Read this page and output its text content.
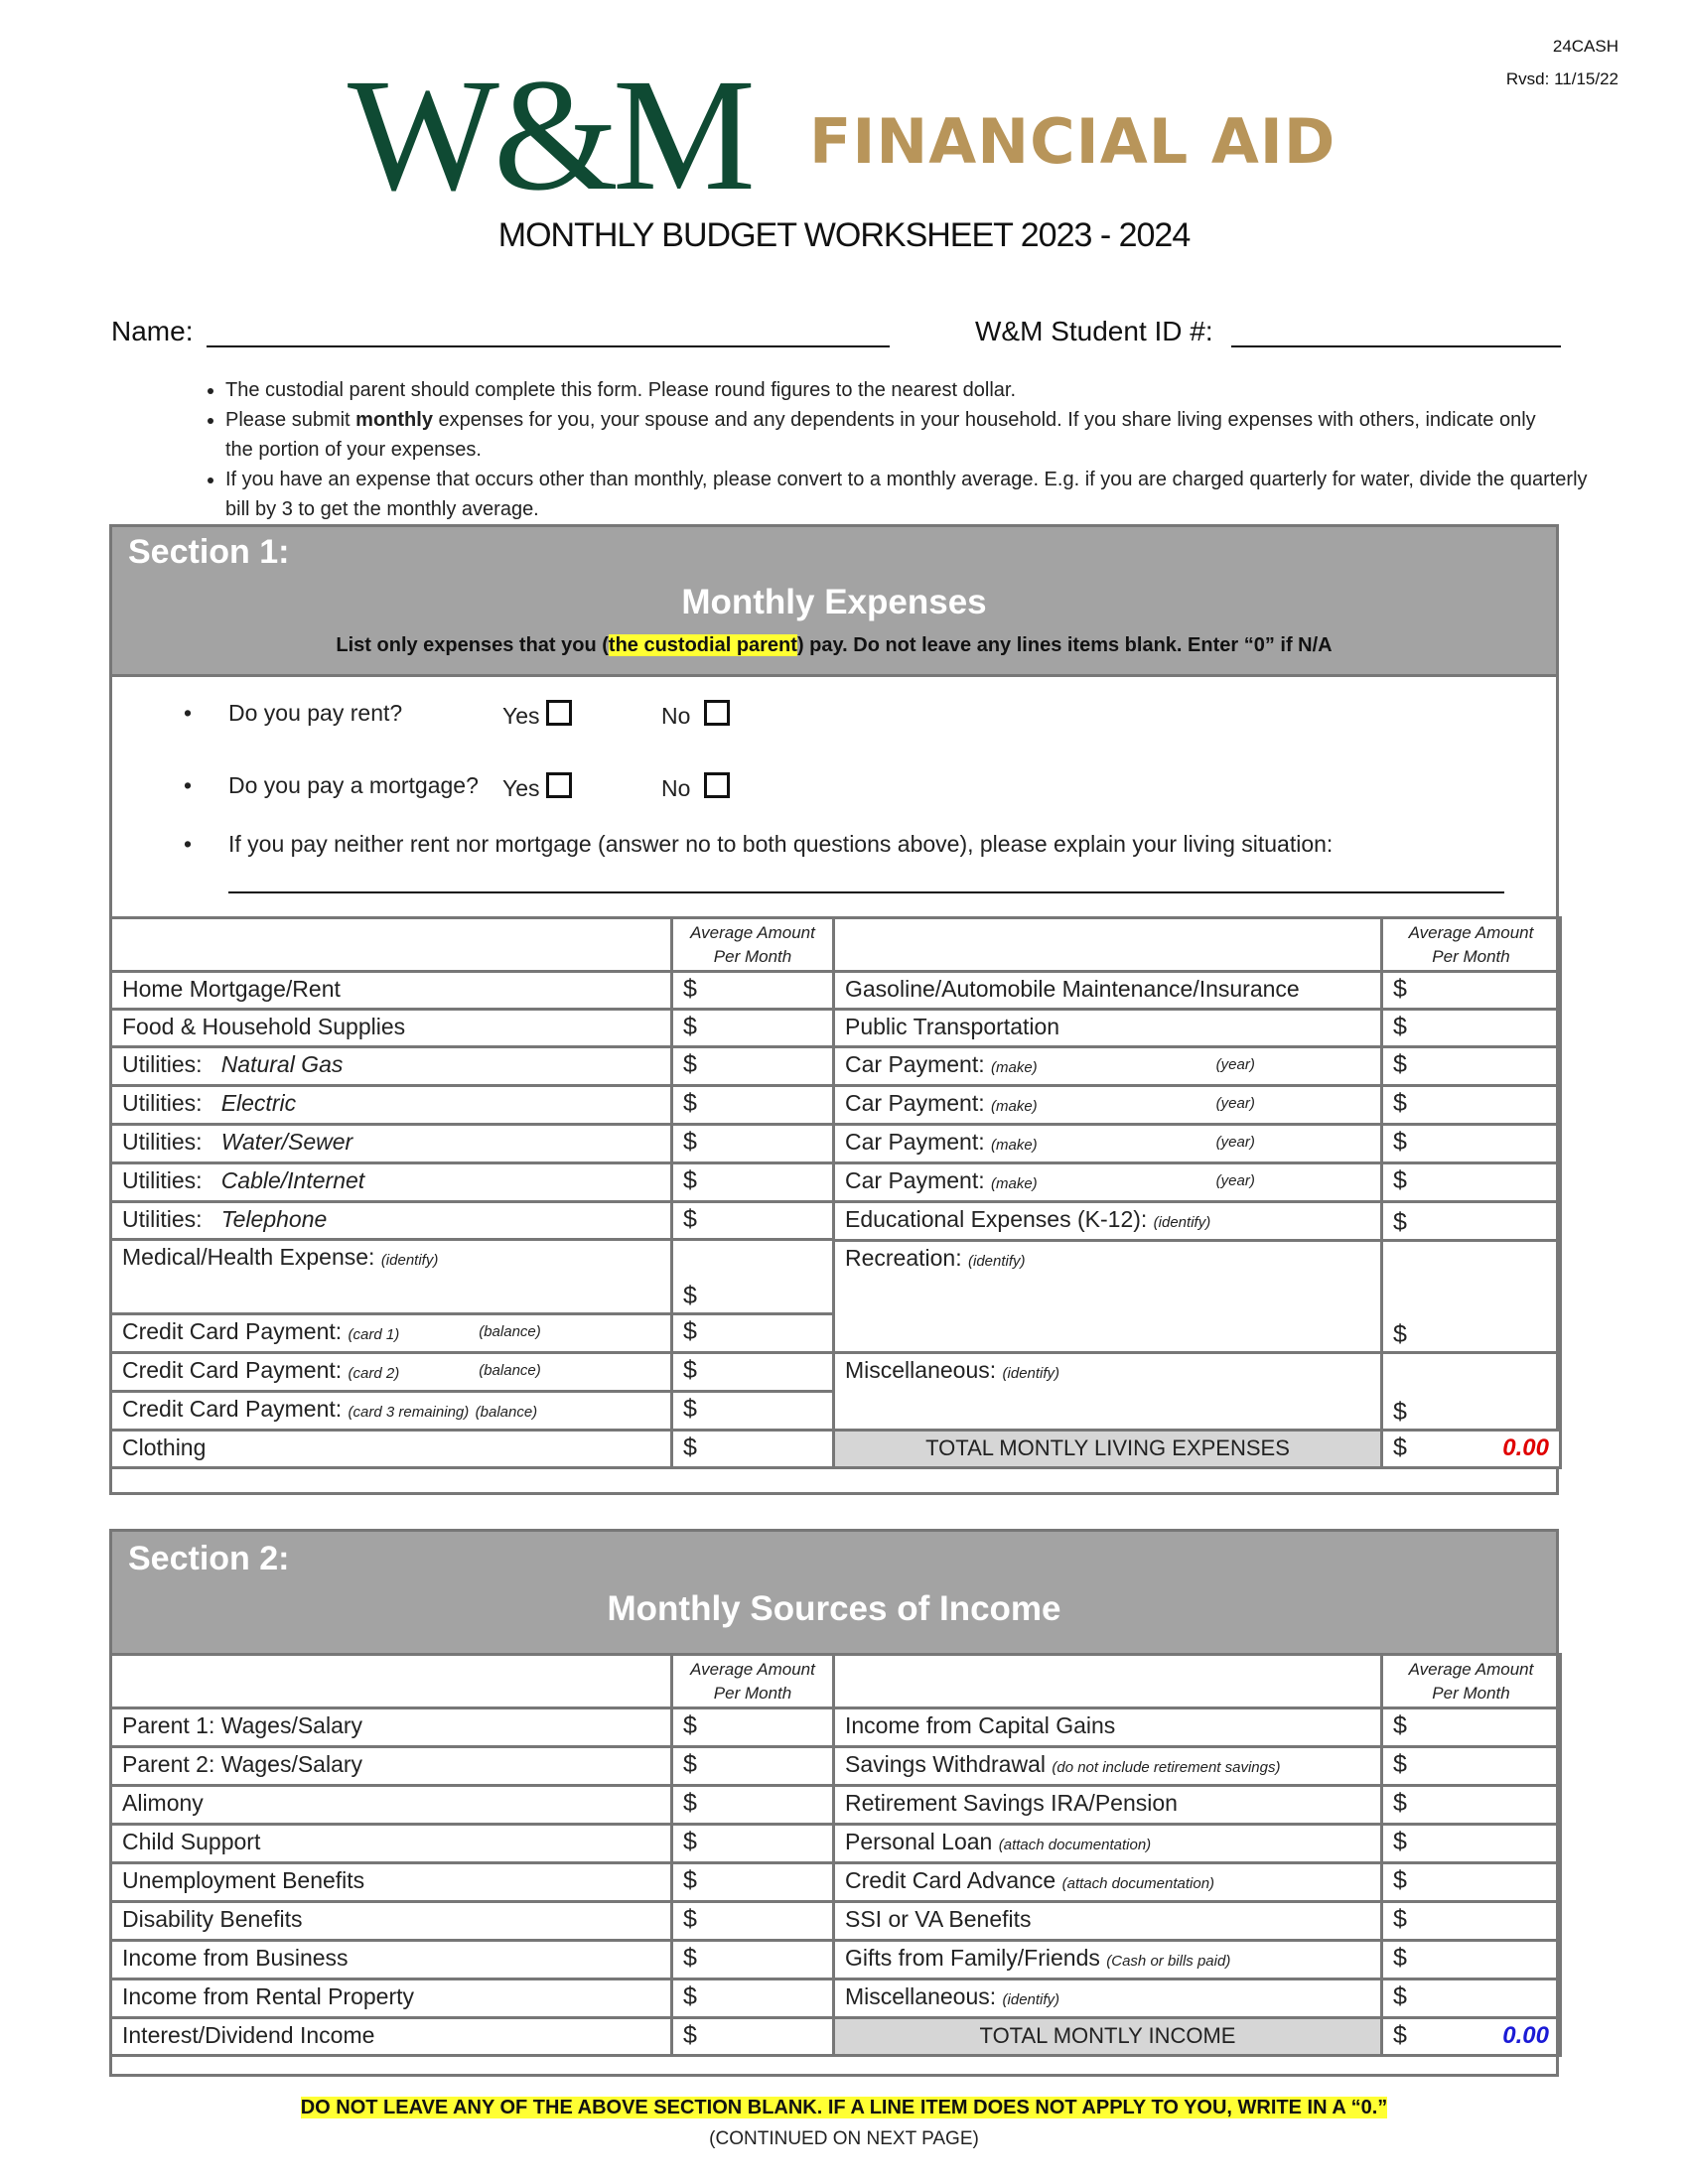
24CASH
Rvsd: 11/15/22
W&M FINANCIAL AID
MONTHLY BUDGET WORKSHEET 2023 - 2024
Name:	W&M Student ID #:
• The custodial parent should complete this form. Please round figures to the nearest dollar.
• Please submit monthly expenses for you, your spouse and any dependents in your household. If you share living expenses with others, indicate only
the portion of your expenses.
• If you have an expense that occurs other than monthly, please convert to a monthly average. E.g. if you are charged quarterly for water, divide the quarterly bill by 3 to get the monthly average.
Section 1:
Monthly Expenses
List only expenses that you (the custodial parent) pay. Do not leave any lines items blank. Enter “0” if N/A
• Do you pay rent?	Yes	No
• Do you pay a mortgage? Yes	No
• If you pay neither rent nor mortgage (answer no to both questions above), please explain your living situation:
	Average Amount
Per Month		Average Amount
Per Month
Home Mortgage/Rent	$	Gasoline/Automobile Maintenance/Insurance	$
Food & Household Supplies	$	Public Transportation	$
Utilities: Natural Gas	$	Car Payment: (make) (year)	$
Utilities: Electric	$	Car Payment: (make) (year)	$
Utilities: Water/Sewer	$	Car Payment: (make) (year)	$
Utilities: Cable/Internet	$	Car Payment: (make) (year)	$
Utilities: Telephone	$	Educational Expenses (K-12): (identify)	$
Medical/Health Expense: (identify)	$		
		Recreation: (identify)	$
Credit Card Payment: (card 1) (balance)	$		
Credit Card Payment: (card 2) (balance)	$	Miscellaneous: (identify)	$
Credit Card Payment: (card 3 remaining) (balance)	$		
Clothing	$	TOTAL MONTLY LIVING EXPENSES	$ 0.00
Section 2:
Monthly Sources of Income
	Average Amount
Per Month		Average Amount
Per Month
Parent 1: Wages/Salary	$	Income from Capital Gains	$
Parent 2: Wages/Salary	$	Savings Withdrawal (do not include retirement savings)	$
Alimony	$	Retirement Savings IRA/Pension	$
Child Support	$	Personal Loan (attach documentation)	$
Unemployment Benefits	$	Credit Card Advance (attach documentation)	$
Disability Benefits	$	SSI or VA Benefits	$
Income from Business	$	Gifts from Family/Friends (Cash or bills paid)	$
Income from Rental Property	$	Miscellaneous: (identify)	$
Interest/Dividend Income	$	TOTAL MONTLY INCOME	$ 0.00
DO NOT LEAVE ANY OF THE ABOVE SECTION BLANK. IF A LINE ITEM DOES NOT APPLY TO YOU, WRITE IN A “0.”
(CONTINUED ON NEXT PAGE)
